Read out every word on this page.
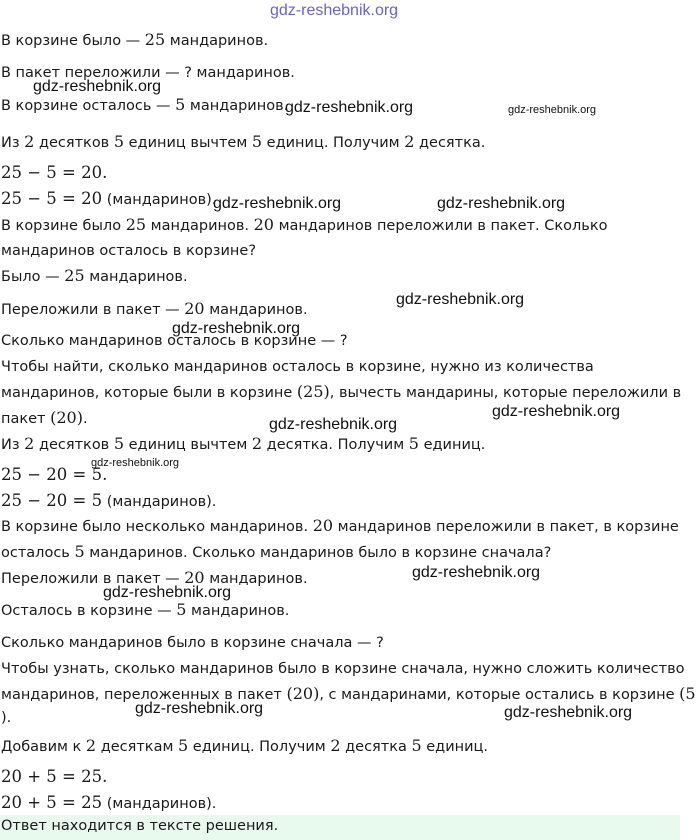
gdz-reshebnik.org
gdz-reshebnik.org
gdz-reshebnik.org	gdz-reshebnik.org
gdz-reshebnik.org	gdz-reshebnik.org
gdz-reshebnik.org
gdz-reshebnik.org
gdz-reshebnik.org
gdz-reshebnik.org
gdz-reshebnik.org
gdz-reshebnik.org
gdz-reshebnik.org
gdz-reshebnik.org	gdz-reshebnik.org
В корзине было — 25 мандаринов.
В пакет переложили — ? мандаринов.
В корзине осталось — 5 мандаринов.
Из 2 десятков 5 единиц вычтем 5 единиц. Получим 2 десятка.
25 − 5 = 20.
25 − 5 = 20 (мандаринов).
В корзине было 25 мандаринов. 20 мандаринов переложили в пакет. Сколько
мандаринов осталось в корзине?
Было — 25 мандаринов.
Переложили в пакет — 20 мандаринов.
Сколько мандаринов осталось в корзине — ?
Чтобы найти, сколько мандаринов осталось в корзине, нужно из количества
мандаринов, которые были в корзине (25), вычесть мандарины, которые переложили в
пакет (20).
Из 2 десятков 5 единиц вычтем 2 десятка. Получим 5 единиц.
25 − 20 = 5.
25 − 20 = 5 (мандаринов).
В корзине было несколько мандаринов. 20 мандаринов переложили в пакет, в корзине
осталось 5 мандаринов. Сколько мандаринов было в корзине сначала?
Переложили в пакет — 20 мандаринов.
Осталось в корзине — 5 мандаринов.
Сколько мандаринов было в корзине сначала — ?
Чтобы узнать, сколько мандаринов было в корзине сначала, нужно сложить количество
мандаринов, переложенных в пакет (20), с мандаринами, которые остались в корзине (5
).
Добавим к 2 десяткам 5 единиц. Получим 2 десятка 5 единиц.
20 + 5 = 25.
20 + 5 = 25 (мандаринов).
Ответ находится в тексте решения.
